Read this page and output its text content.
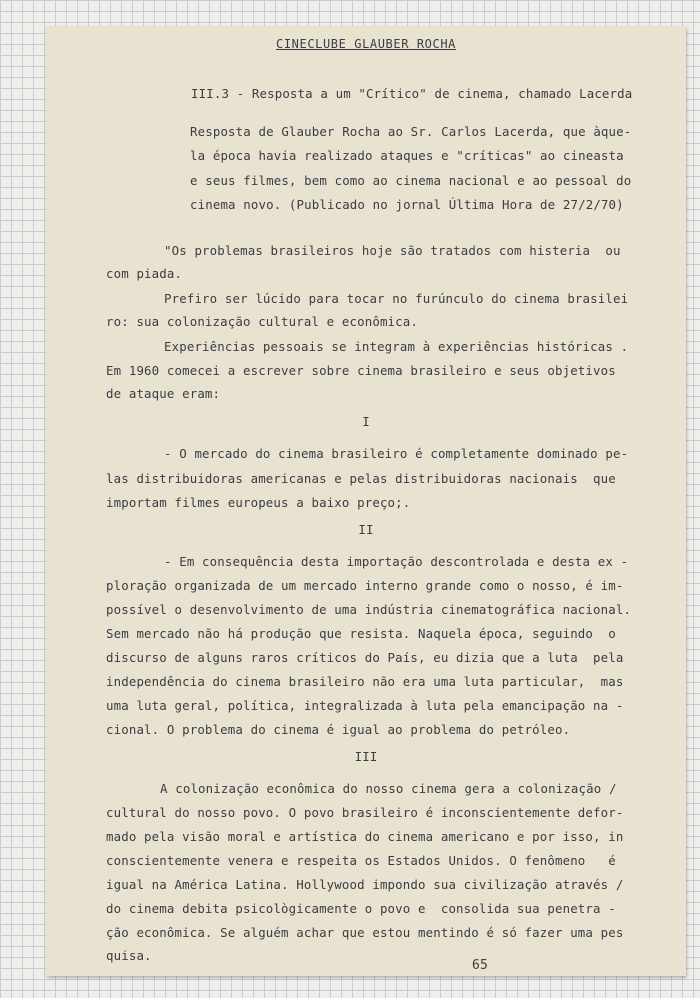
CINECLUBE GLAUBER ROCHA
III.3 - Resposta a um "Crítico" de cinema, chamado Lacerda
Resposta de Glauber Rocha ao Sr. Carlos Lacerda, que àque-
la época havia realizado ataques e "críticas" ao cineasta
e seus filmes, bem como ao cinema nacional e ao pessoal do
cinema novo. (Publicado no jornal Última Hora de 27/2/70)
"Os problemas brasileiros hoje são tratados com histeria  ou
com piada.
Prefiro ser lúcido para tocar no furúnculo do cinema brasilei
ro: sua colonização cultural e econômica.
Experiências pessoais se integram à experiências históricas .
Em 1960 comecei a escrever sobre cinema brasileiro e seus objetivos
de ataque eram:
I
- O mercado do cinema brasileiro é completamente dominado pe-
las distribuidoras americanas e pelas distribuidoras nacionais  que
importam filmes europeus a baixo preço;.
II
- Em consequência desta importação descontrolada e desta ex -
ploração organizada de um mercado interno grande como o nosso, é im-
possível o desenvolvimento de uma indústria cinematográfica nacional.
Sem mercado não há produção que resista. Naquela época, seguindo  o
discurso de alguns raros críticos do País, eu dizia que a luta  pela
independência do cinema brasileiro não era uma luta particular,  mas
uma luta geral, política, integralizada à luta pela emancipação na -
cional. O problema do cinema é igual ao problema do petróleo.
III
A colonização econômica do nosso cinema gera a colonização /
cultural do nosso povo. O povo brasileiro é inconscientemente defor-
mado pela visão moral e artística do cinema americano e por isso, in
conscientemente venera e respeita os Estados Unidos. O fenômeno   é
igual na América Latina. Hollywood impondo sua civilização através /
do cinema debita psicològicamente o povo e  consolida sua penetra -
ção econômica. Se alguém achar que estou mentindo é só fazer uma pes
quisa.
65
